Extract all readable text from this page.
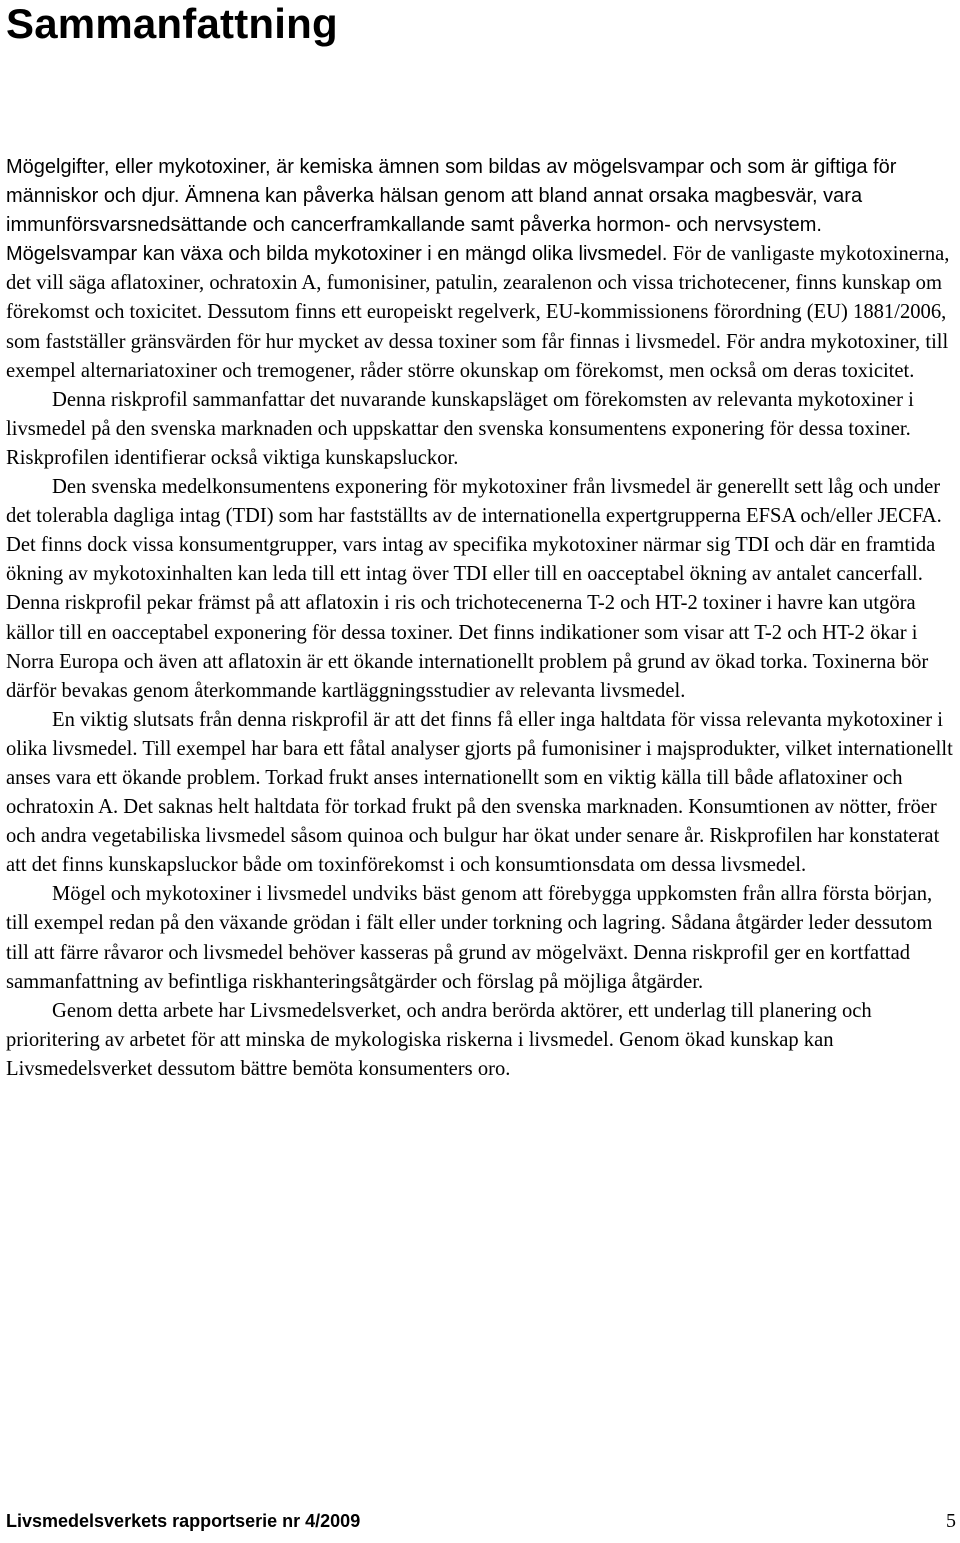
Sammanfattning

Mögelgifter, eller mykotoxiner, är kemiska ämnen som bildas av mögelsvampar och som är giftiga för människor och djur. Ämnena kan påverka hälsan genom att bland annat orsaka magbesvär, vara immunförsvarsnedsättande och cancerframkallande samt påverka hormon- och nervsystem. Mögelsvampar kan växa och bilda mykotoxiner i en mängd olika livsmedel. För de vanligaste mykotoxinerna, det vill säga aflatoxiner, ochratoxin A, fumonisiner, patulin, zearalenon och vissa trichotecener, finns kunskap om förekomst och toxicitet. Dessutom finns ett europeiskt regelverk, EU-kommissionens förordning (EU) 1881/2006, som fastställer gränsvärden för hur mycket av dessa toxiner som får finnas i livsmedel. För andra mykotoxiner, till exempel alternariatoxiner och tremogener, råder större okunskap om förekomst, men också om deras toxicitet.

Denna riskprofil sammanfattar det nuvarande kunskapsläget om förekomsten av relevanta mykotoxiner i livsmedel på den svenska marknaden och uppskattar den svenska konsumentens exponering för dessa toxiner. Riskprofilen identifierar också viktiga kunskapsluckor.

Den svenska medelkonsumentens exponering för mykotoxiner från livsmedel är generellt sett låg och under det tolerabla dagliga intag (TDI) som har fastställts av de internationella expertgrupperna EFSA och/eller JECFA. Det finns dock vissa konsumentgrupper, vars intag av specifika mykotoxiner närmar sig TDI och där en framtida ökning av mykotoxinhalten kan leda till ett intag över TDI eller till en oacceptabel ökning av antalet cancerfall. Denna riskprofil pekar främst på att aflatoxin i ris och trichotecenerna T-2 och HT-2 toxiner i havre kan utgöra källor till en oacceptabel exponering för dessa toxiner. Det finns indikationer som visar att T-2 och HT-2 ökar i Norra Europa och även att aflatoxin är ett ökande internationellt problem på grund av ökad torka. Toxinerna bör därför bevakas genom återkommande kartläggningsstudier av relevanta livsmedel.

En viktig slutsats från denna riskprofil är att det finns få eller inga haltdata för vissa relevanta mykotoxiner i olika livsmedel. Till exempel har bara ett fåtal analyser gjorts på fumonisiner i majsprodukter, vilket internationellt anses vara ett ökande problem. Torkad frukt anses internationellt som en viktig källa till både aflatoxiner och ochratoxin A. Det saknas helt haltdata för torkad frukt på den svenska marknaden. Konsumtionen av nötter, fröer och andra vegetabiliska livsmedel såsom quinoa och bulgur har ökat under senare år. Riskprofilen har konstaterat att det finns kunskapsluckor både om toxinförekomst i och konsumtionsdata om dessa livsmedel.

Mögel och mykotoxiner i livsmedel undviks bäst genom att förebygga uppkomsten från allra första början, till exempel redan på den växande grödan i fält eller under torkning och lagring. Sådana åtgärder leder dessutom till att färre råvaror och livsmedel behöver kasseras på grund av mögelväxt. Denna riskprofil ger en kortfattad sammanfattning av befintliga riskhanteringsåtgärder och förslag på möjliga åtgärder.

Genom detta arbete har Livsmedelsverket, och andra berörda aktörer, ett underlag till planering och prioritering av arbetet för att minska de mykologiska riskerna i livsmedel. Genom ökad kunskap kan Livsmedelsverket dessutom bättre bemöta konsumenters oro.

Livsmedelsverkets rapportserie nr 4/2009	5
